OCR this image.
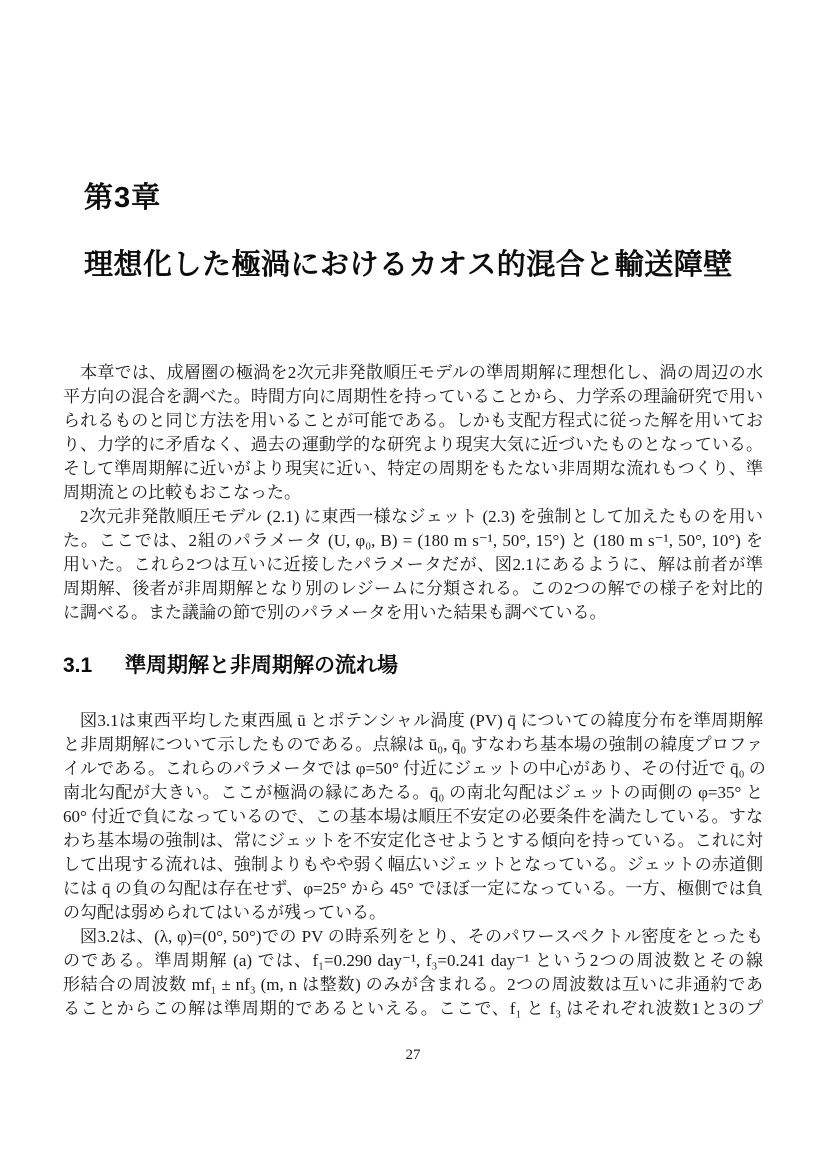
第3章
理想化した極渦におけるカオス的混合と輸送障壁
本章では、成層圏の極渦を2次元非発散順圧モデルの準周期解に理想化し、渦の周辺の水
平方向の混合を調べた。時間方向に周期性を持っていることから、力学系の理論研究で用い
られるものと同じ方法を用いることが可能である。しかも支配方程式に従った解を用いてお
り、力学的に矛盾なく、過去の運動学的な研究より現実大気に近づいたものとなっている。
そして準周期解に近いがより現実に近い、特定の周期をもたない非周期な流れもつくり、準
周期流との比較もおこなった。
2次元非発散順圧モデル (2.1) に東西一様なジェット (2.3) を強制として加えたものを用い
た。ここでは、2組のパラメータ (U, φ₀, B) = (180 m s⁻¹, 50°, 15°) と (180 m s⁻¹, 50°, 10°) を
用いた。これら2つは互いに近接したパラメータだが、図2.1にあるように、解は前者が準
周期解、後者が非周期解となり別のレジームに分類される。この2つの解での様子を対比的
に調べる。また議論の節で別のパラメータを用いた結果も調べている。
3.1 準周期解と非周期解の流れ場
図3.1は東西平均した東西風 ū とポテンシャル渦度 (PV) q̄ についての緯度分布を準周期解
と非周期解について示したものである。点線は ū₀, q̄₀ すなわち基本場の強制の緯度プロファ
イルである。これらのパラメータでは φ=50° 付近にジェットの中心があり、その付近で q̄₀ の
南北勾配が大きい。ここが極渦の縁にあたる。q̄₀ の南北勾配はジェットの両側の φ=35° と
60° 付近で負になっているので、この基本場は順圧不安定の必要条件を満たしている。すな
わち基本場の強制は、常にジェットを不安定化させようとする傾向を持っている。これに対
して出現する流れは、強制よりもやや弱く幅広いジェットとなっている。ジェットの赤道側
には q̄ の負の勾配は存在せず、φ=25° から 45° でほぼ一定になっている。一方、極側では負
の勾配は弱められてはいるが残っている。
図3.2は、(λ, φ)=(0°, 50°)での PV の時系列をとり、そのパワースペクトル密度をとったも
のである。準周期解 (a) では、f₁=0.290 day⁻¹, f₃=0.241 day⁻¹ という2つの周波数とその線
形結合の周波数 mf₁ ± nf₃ (m, n は整数) のみが含まれる。2つの周波数は互いに非通約であ
ることからこの解は準周期的であるといえる。ここで、f₁ と f₃ はそれぞれ波数1と3のプ
27
